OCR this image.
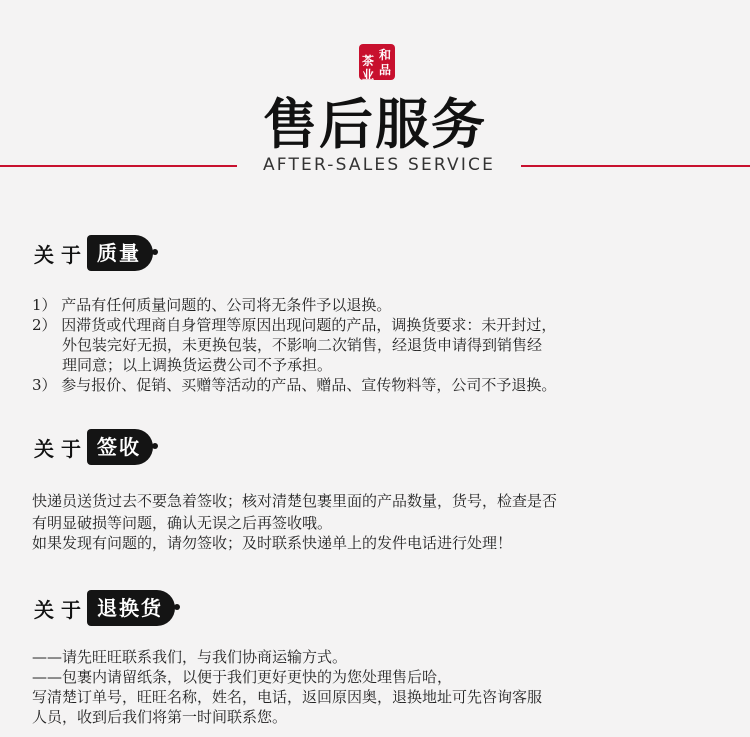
和
品
茶
业
售后服务
AFTER-SALES SERVICE
关 于 质量
1） 产品有任何质量问题的、公司将无条件予以退换。
2） 因滞货或代理商自身管理等原因出现问题的产品，调换货要求：未开封过，
外包装完好无损，未更换包装，不影响二次销售，经退货申请得到销售经
理同意；以上调换货运费公司不予承担。
3） 参与报价、促销、买赠等活动的产品、赠品、宣传物料等，公司不予退换。
关 于 签收
快递员送货过去不要急着签收；核对清楚包裹里面的产品数量，货号，检查是否
有明显破损等问题，确认无误之后再签收哦。
如果发现有问题的，请勿签收；及时联系快递单上的发件电话进行处理！
关 于 退换货
——请先旺旺联系我们，与我们协商运输方式。
——包裹内请留纸条，以便于我们更好更快的为您处理售后哈，
写清楚订单号，旺旺名称，姓名，电话，返回原因奥，退换地址可先咨询客服
人员，收到后我们将第一时间联系您。
